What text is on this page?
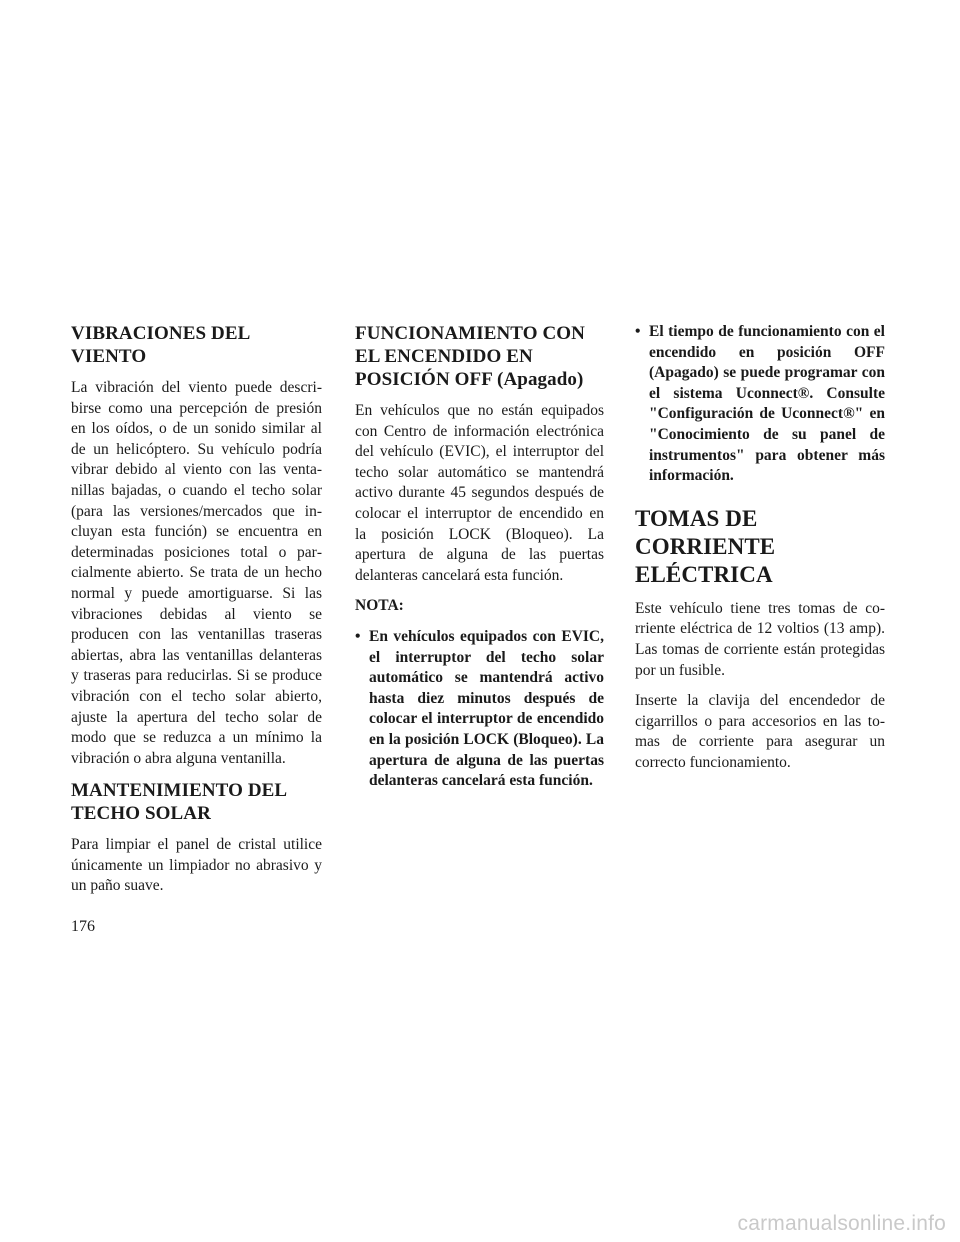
VIBRACIONES DEL
VIENTO

La vibración del viento puede describirse como una percepción de presión en los oídos, o de un sonido similar al de un helicóptero. Su vehículo podría vibrar debido al viento con las ventanillas bajadas, o cuando el techo solar (para las versiones/mercados que incluyan esta función) se encuentra en determinadas posiciones total o parcialmente abierto. Se trata de un hecho normal y puede amortiguarse. Si las vibraciones debidas al viento se producen con las ventanillas traseras abiertas, abra las ventanillas delanteras y traseras para reducirlas. Si se produce vibración con el techo solar abierto, ajuste la apertura del techo solar de modo que se reduzca a un mínimo la vibración o abra alguna ventanilla.

MANTENIMIENTO DEL
TECHO SOLAR

Para limpiar el panel de cristal utilice únicamente un limpiador no abrasivo y un paño suave.

FUNCIONAMIENTO CON
EL ENCENDIDO EN
POSICIÓN OFF (Apagado)

En vehículos que no están equipados con Centro de información electrónica del vehículo (EVIC), el interruptor del techo solar automático se mantendrá activo durante 45 segundos después de colocar el interruptor de encendido en la posición LOCK (Bloqueo). La apertura de alguna de las puertas delanteras cancelará esta función.

NOTA:

• En vehículos equipados con EVIC, el interruptor del techo solar automático se mantendrá activo hasta diez minutos después de colocar el interruptor de encendido en la posición LOCK (Bloqueo). La apertura de alguna de las puertas delanteras cancelará esta función.
• El tiempo de funcionamiento con el encendido en posición OFF (Apagado) se puede programar con el sistema Uconnect®. Consulte "Configuración de Uconnect®" en "Conocimiento de su panel de instrumentos" para obtener más información.
TOMAS DE CORRIENTE
ELÉCTRICA

Este vehículo tiene tres tomas de corriente eléctrica de 12 voltios (13 amp). Las tomas de corriente están protegidas por un fusible.

Inserte la clavija del encendedor de cigarrillos o para accesorios en las tomas de corriente para asegurar un correcto funcionamiento.

176
carmanualsonline.info
